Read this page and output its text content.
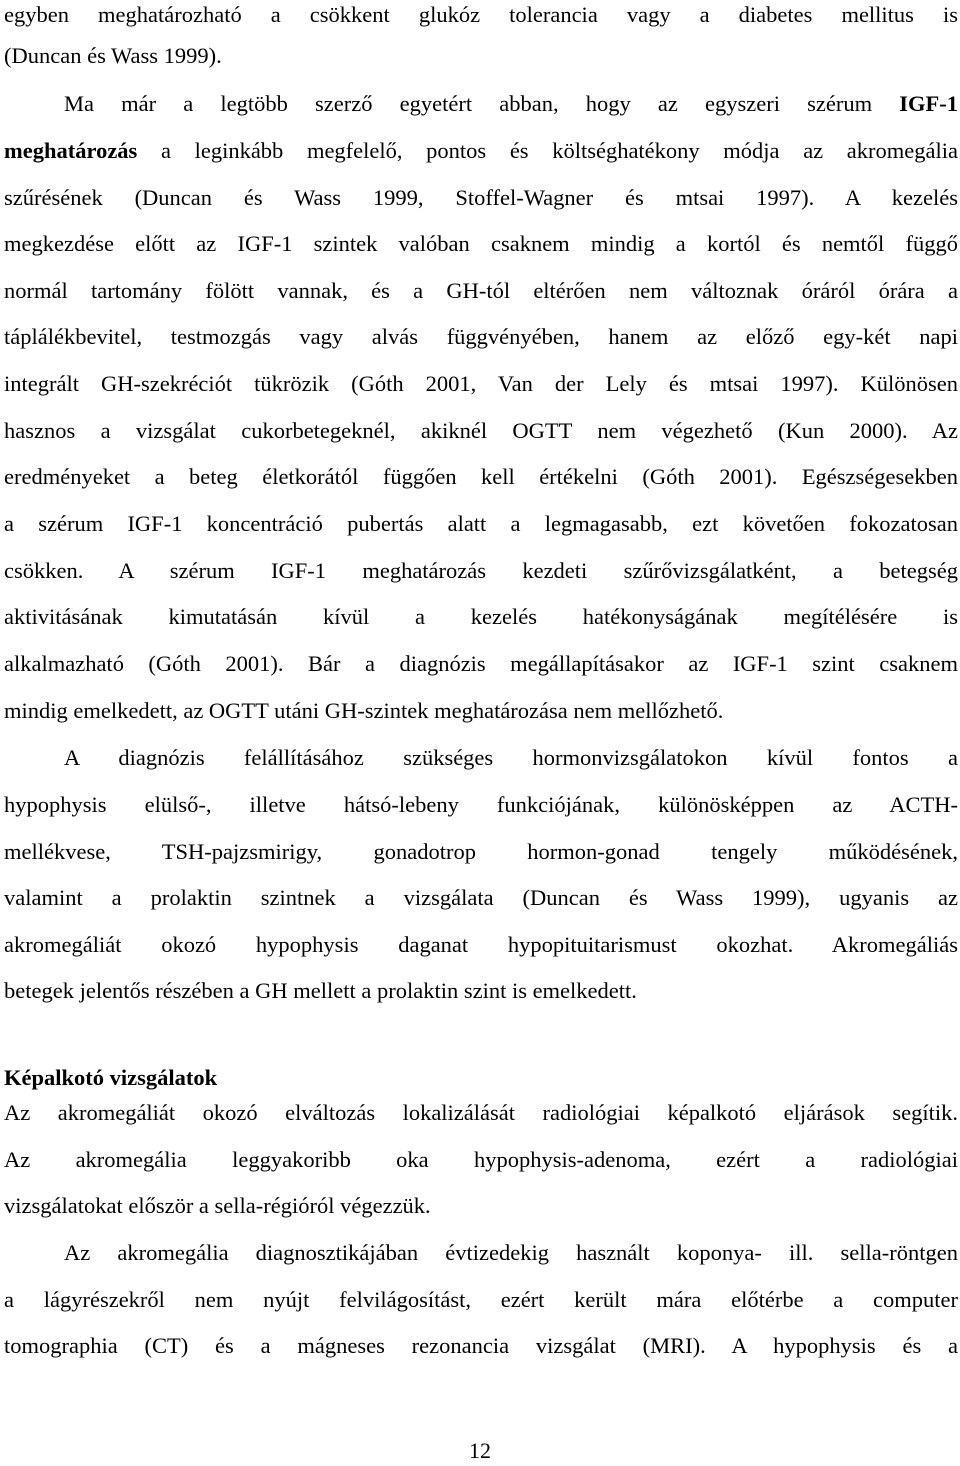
egyben meghatározható a csökkent glukóz tolerancia vagy a diabetes mellitus is
(Duncan és Wass 1999).
Ma már a legtöbb szerző egyetért abban, hogy az egyszeri szérum IGF-1
meghatározás a leginkább megfelelő, pontos és költséghatékony módja az akromegália
szűrésének (Duncan és Wass 1999, Stoffel-Wagner és mtsai 1997). A kezelés
megkezdése előtt az IGF-1 szintek valóban csaknem mindig a kortól és nemtől függő
normál tartomány fölött vannak, és a GH-tól eltérően nem változnak óráról órára a
táplálékbevitel, testmozgás vagy alvás függvényében, hanem az előző egy-két napi
integrált GH-szekréciót tükrözik (Góth 2001, Van der Lely és mtsai 1997). Különösen
hasznos a vizsgálat cukorbetegeknél, akiknél OGTT nem végezhető (Kun 2000). Az
eredményeket a beteg életkorától függően kell értékelni (Góth 2001). Egészségesekben
a szérum IGF-1 koncentráció pubertás alatt a legmagasabb, ezt követően fokozatosan
csökken. A szérum IGF-1 meghatározás kezdeti szűrővizsgálatként, a betegség
aktivitásának kimutatásán kívül a kezelés hatékonyságának megítélésére is
alkalmazható (Góth 2001). Bár a diagnózis megállapításakor az IGF-1 szint csaknem
mindig emelkedett, az OGTT utáni GH-szintek meghatározása nem mellőzhető.
A diagnózis felállításához szükséges hormonvizsgálatokon kívül fontos a
hypophysis elülső-, illetve hátsó-lebeny funkciójának, különösképpen az ACTH-
mellékvese, TSH-pajzsmirigy, gonadotrop hormon-gonad tengely működésének,
valamint a prolaktin szintnek a vizsgálata (Duncan és Wass 1999), ugyanis az
akromegáliát okozó hypophysis daganat hypopituitarismust okozhat. Akromegáliás
betegek jelentős részében a GH mellett a prolaktin szint is emelkedett.
Képalkotó vizsgálatok
Az akromegáliát okozó elváltozás lokalizálását radiológiai képalkotó eljárások segítik.
Az akromegália leggyakoribb oka hypophysis-adenoma, ezért a radiológiai
vizsgálatokat először a sella-régióról végezzük.
Az akromegália diagnosztikájában évtizedekig használt koponya- ill. sella-röntgen
a lágyrészekről nem nyújt felvilágosítást, ezért került mára előtérbe a computer
tomographia (CT) és a mágneses rezonancia vizsgálat (MRI). A hypophysis és a
12
